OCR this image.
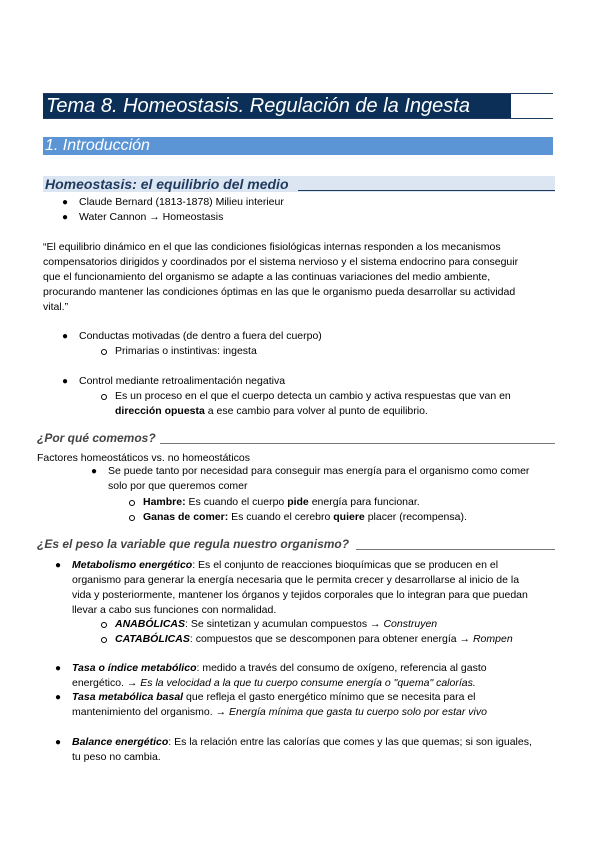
Tema 8. Homeostasis. Regulación de la Ingesta
1. Introducción
Homeostasis: el equilibrio del medio
● Claude Bernard (1813-1878) Milieu interieur
● Water Cannon → Homeostasis
“El equilibrio dinámico en el que las condiciones fisiológicas internas responden a los mecanismos
compensatorios dirigidos y coordinados por el sistema nervioso y el sistema endocrino para conseguir
que el funcionamiento del organismo se adapte a las continuas variaciones del medio ambiente,
procurando mantener las condiciones óptimas en las que le organismo pueda desarrollar su actividad
vital.”
● Conductas motivadas (de dentro a fuera del cuerpo)
Primarias o instintivas: ingesta
● Control mediante retroalimentación negativa
Es un proceso en el que el cuerpo detecta un cambio y activa respuestas que van en
dirección opuesta a ese cambio para volver al punto de equilibrio.
¿Por qué comemos?
Factores homeostáticos vs. no homeostáticos
● Se puede tanto por necesidad para conseguir mas energía para el organismo como comer
solo por que queremos comer
Hambre: Es cuando el cuerpo pide energía para funcionar.
Ganas de comer: Es cuando el cerebro quiere placer (recompensa).
¿Es el peso la variable que regula nuestro organismo?
● Metabolismo energético: Es el conjunto de reacciones bioquímicas que se producen en el
organismo para generar la energía necesaria que le permita crecer y desarrollarse al inicio de la
vida y posteriormente, mantener los órganos y tejidos corporales que lo integran para que puedan
llevar a cabo sus funciones con normalidad.
ANABÓLICAS: Se sintetizan y acumulan compuestos → Construyen
CATABÓLICAS: compuestos que se descomponen para obtener energía → Rompen
● Tasa o índice metabólico: medido a través del consumo de oxígeno, referencia al gasto
energético. → Es la velocidad a la que tu cuerpo consume energía o "quema" calorías.
● Tasa metabólica basal que refleja el gasto energético mínimo que se necesita para el
mantenimiento del organismo. → Energía mínima que gasta tu cuerpo solo por estar vivo
● Balance energético: Es la relación entre las calorías que comes y las que quemas; si son iguales,
tu peso no cambia.
